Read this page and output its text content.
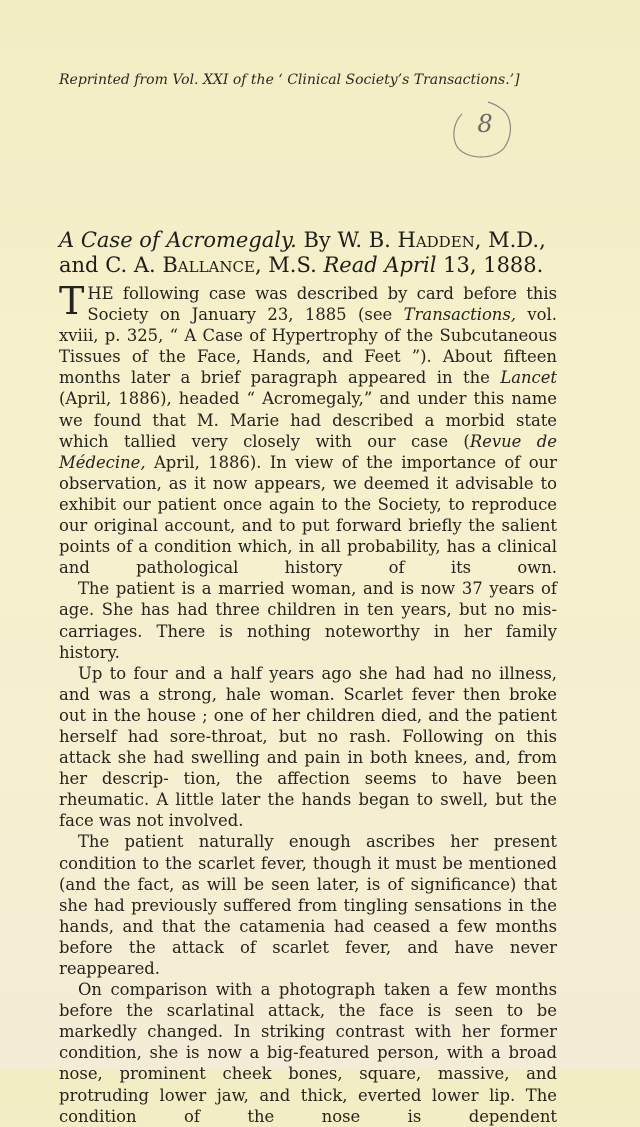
Reprinted from Vol. XXI of the ‘ Clinical Society’s Transactions.’]
8
A Case of Acromegaly. By W. B. Hadden, M.D.,
and C. A. Ballance, M.S. Read April 13, 1888.

THE following case was described by card before this Society on January 23, 1885 (see Transactions, vol. xviii, p. 325, “ A Case of Hypertrophy of the Subcutaneous Tissues of the Face, Hands, and Feet ”). About fifteen months later a brief paragraph appeared in the Lancet (April, 1886), headed “ Acromegaly,” and under this name we found that M. Marie had described a morbid state which tallied very closely with our case (Revue de Médecine, April, 1886). In view of the importance of our observation, as it now appears, we deemed it advisable to exhibit our patient once again to the Society, to reproduce our original account, and to put forward briefly the salient points of a condition which, in all probability, has a clinical and pathological history of its own.

The patient is a married woman, and is now 37 years of age. She has had three children in ten years, but no mis- carriages. There is nothing noteworthy in her family history.

Up to four and a half years ago she had had no illness, and was a strong, hale woman. Scarlet fever then broke out in the house ; one of her children died, and the patient herself had sore-throat, but no rash. Following on this attack she had swelling and pain in both knees, and, from her descrip- tion, the affection seems to have been rheumatic. A little later the hands began to swell, but the face was not involved.

The patient naturally enough ascribes her present condition to the scarlet fever, though it must be mentioned (and the fact, as will be seen later, is of significance) that she had previously suffered from tingling sensations in the hands, and that the catamenia had ceased a few months before the attack of scarlet fever, and have never reappeared.

On comparison with a photograph taken a few months before the scarlatinal attack, the face is seen to be markedly changed. In striking contrast with her former condition, she is now a big-featured person, with a broad nose, prominent cheek bones, square, massive, and protruding lower jaw, and thick, everted lower lip. The condition of the nose is dependent
